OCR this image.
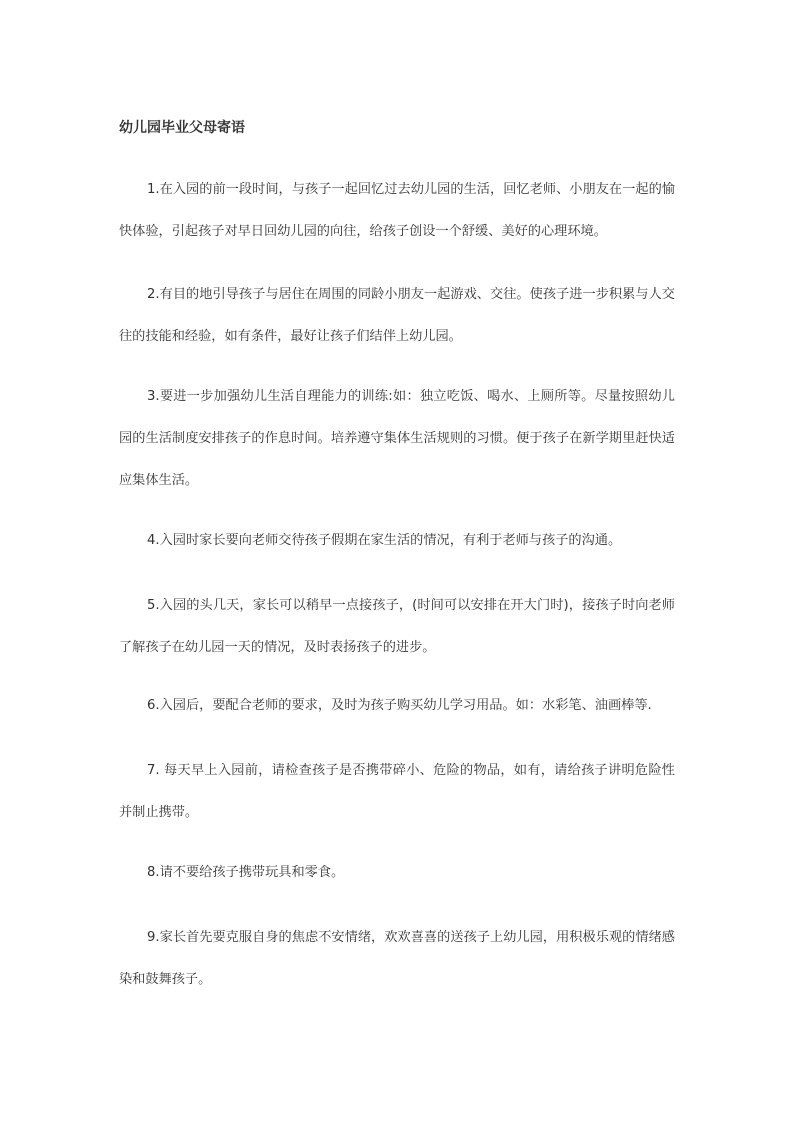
幼儿园毕业父母寄语
1.在入园的前一段时间，与孩子一起回忆过去幼儿园的生活，回忆老师、小朋友在一起的愉快体验，引起孩子对早日回幼儿园的向往，给孩子创设一个舒缓、美好的心理环境。
2.有目的地引导孩子与居住在周围的同龄小朋友一起游戏、交往。使孩子进一步积累与人交往的技能和经验，如有条件，最好让孩子们结伴上幼儿园。
3.要进一步加强幼儿生活自理能力的训练:如：独立吃饭、喝水、上厕所等。尽量按照幼儿园的生活制度安排孩子的作息时间。培养遵守集体生活规则的习惯。便于孩子在新学期里赶快适应集体生活。
4.入园时家长要向老师交待孩子假期在家生活的情况，有利于老师与孩子的沟通。
5.入园的头几天，家长可以稍早一点接孩子，(时间可以安排在开大门时)，接孩子时向老师了解孩子在幼儿园一天的情况，及时表扬孩子的进步。
6.入园后，要配合老师的要求，及时为孩子购买幼儿学习用品。如：水彩笔、油画棒等.
7. 每天早上入园前，请检查孩子是否携带碎小、危险的物品，如有，请给孩子讲明危险性并制止携带。
8.请不要给孩子携带玩具和零食。
9.家长首先要克服自身的焦虑不安情绪，欢欢喜喜的送孩子上幼儿园，用积极乐观的情绪感染和鼓舞孩子。
